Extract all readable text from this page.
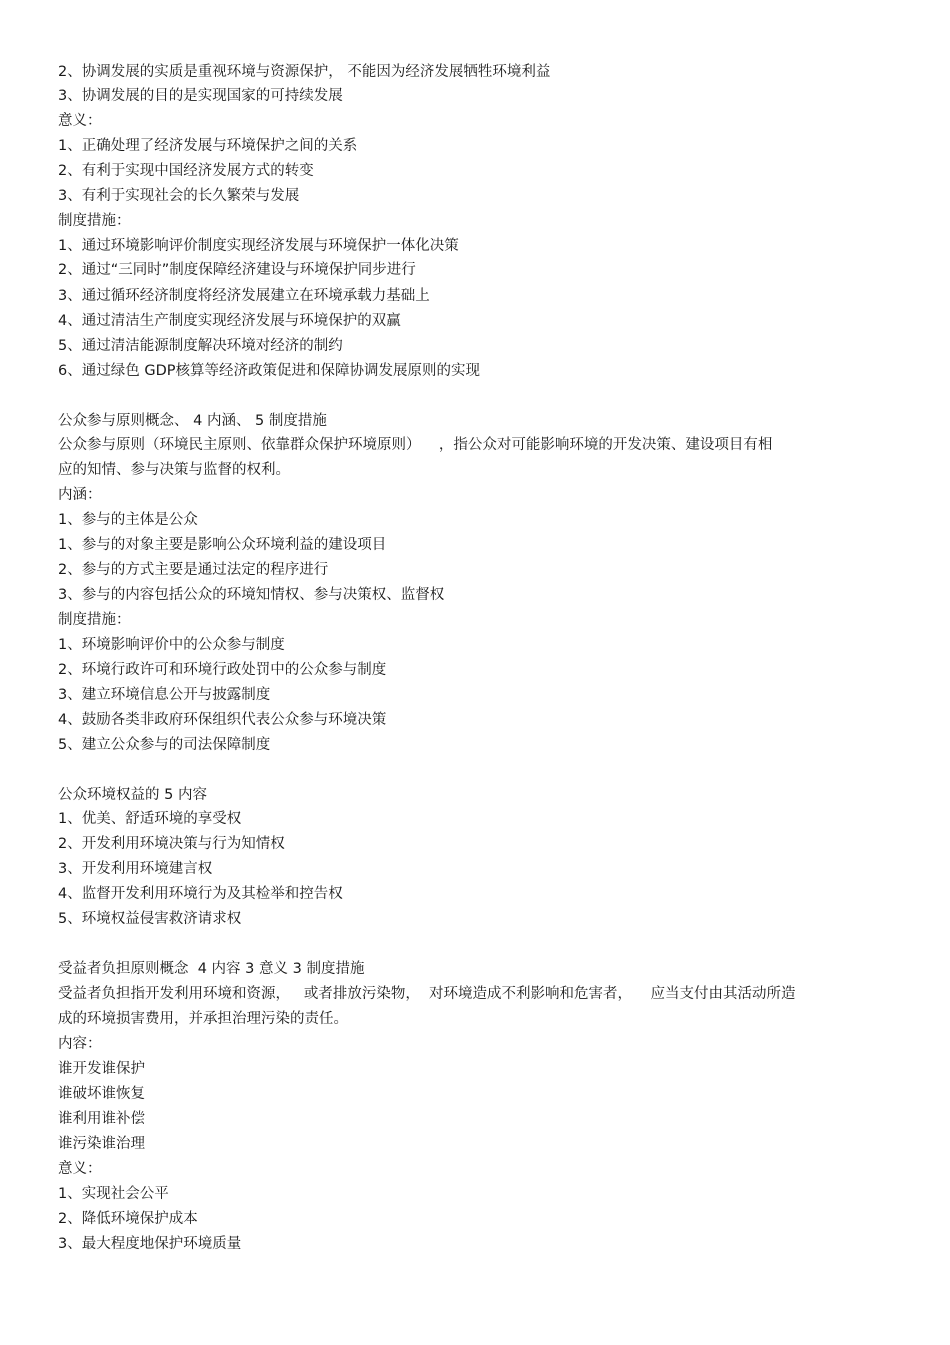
2、协调发展的实质是重视环境与资源保护， 不能因为经济发展牺牲环境利益

3、协调发展的目的是实现国家的可持续发展

意义：

1、正确处理了经济发展与环境保护之间的关系

2、有利于实现中国经济发展方式的转变

3、有利于实现社会的长久繁荣与发展

制度措施：

1、通过环境影响评价制度实现经济发展与环境保护一体化决策

2、通过“三同时”制度保障经济建设与环境保护同步进行

3、通过循环经济制度将经济发展建立在环境承载力基础上

4、通过清洁生产制度实现经济发展与环境保护的双赢

5、通过清洁能源制度解决环境对经济的制约

6、通过绿色 GDP核算等经济政策促进和保障协调发展原则的实现

公众参与原则概念、 4 内涵、 5 制度措施

公众参与原则（环境民主原则、依靠群众保护环境原则）    ，指公众对可能影响环境的开发决策、建设项目有相

应的知情、参与决策与监督的权利。

内涵：

1、参与的主体是公众

1、参与的对象主要是影响公众环境利益的建设项目

2、参与的方式主要是通过法定的程序进行

3、参与的内容包括公众的环境知情权、参与决策权、监督权

制度措施：

1、环境影响评价中的公众参与制度

2、环境行政许可和环境行政处罚中的公众参与制度

3、建立环境信息公开与披露制度

4、鼓励各类非政府环保组织代表公众参与环境决策

5、建立公众参与的司法保障制度

公众环境权益的 5 内容

1、优美、舒适环境的享受权

2、开发利用环境决策与行为知情权

3、开发利用环境建言权

4、监督开发利用环境行为及其检举和控告权

5、环境权益侵害救济请求权

受益者负担原则概念  4 内容 3 意义 3 制度措施

受益者负担指开发利用环境和资源，   或者排放污染物，  对环境造成不利影响和危害者，    应当支付由其活动所造

成的环境损害费用，并承担治理污染的责任。

内容：

谁开发谁保护

谁破坏谁恢复

谁利用谁补偿

谁污染谁治理

意义：

1、实现社会公平

2、降低环境保护成本

3、最大程度地保护环境质量
